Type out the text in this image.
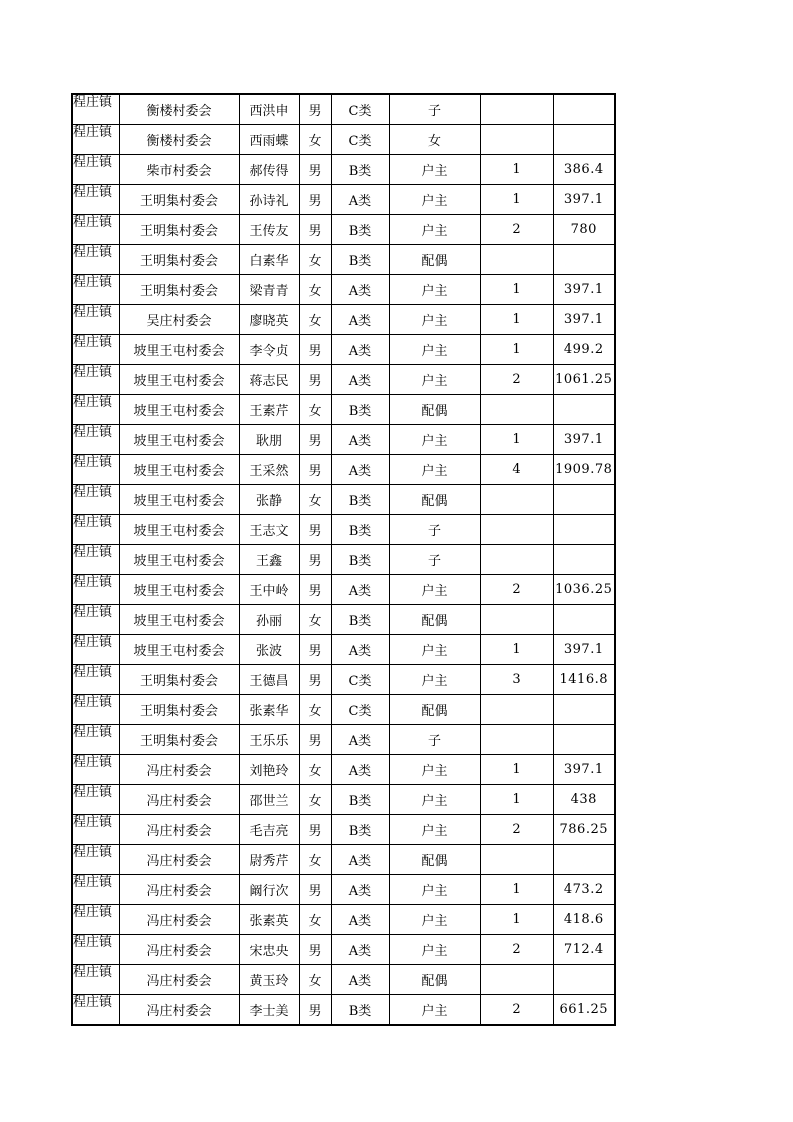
程庄镇	衡楼村委会	西洪申	男	C类	子		

程庄镇	衡楼村委会	西雨蝶	女	C类	女		

程庄镇	柴市村委会	郝传得	男	B类	户主	1	386.4

程庄镇	王明集村委会	孙诗礼	男	A类	户主	1	397.1

程庄镇	王明集村委会	王传友	男	B类	户主	2	780

程庄镇	王明集村委会	白素华	女	B类	配偶		

程庄镇	王明集村委会	梁青青	女	A类	户主	1	397.1

程庄镇	吴庄村委会	廖晓英	女	A类	户主	1	397.1

程庄镇	坡里王屯村委会	李令贞	男	A类	户主	1	499.2

程庄镇	坡里王屯村委会	蒋志民	男	A类	户主	2	1061.25

程庄镇	坡里王屯村委会	王素芹	女	B类	配偶		

程庄镇	坡里王屯村委会	耿朋	男	A类	户主	1	397.1

程庄镇	坡里王屯村委会	王采然	男	A类	户主	4	1909.78

程庄镇	坡里王屯村委会	张静	女	B类	配偶		

程庄镇	坡里王屯村委会	王志文	男	B类	子		

程庄镇	坡里王屯村委会	王鑫	男	B类	子		

程庄镇	坡里王屯村委会	王中岭	男	A类	户主	2	1036.25

程庄镇	坡里王屯村委会	孙丽	女	B类	配偶		

程庄镇	坡里王屯村委会	张波	男	A类	户主	1	397.1

程庄镇	王明集村委会	王德昌	男	C类	户主	3	1416.8

程庄镇	王明集村委会	张素华	女	C类	配偶		

程庄镇	王明集村委会	王乐乐	男	A类	子		

程庄镇	冯庄村委会	刘艳玲	女	A类	户主	1	397.1

程庄镇	冯庄村委会	邵世兰	女	B类	户主	1	438

程庄镇	冯庄村委会	毛吉亮	男	B类	户主	2	786.25

程庄镇	冯庄村委会	尉秀芹	女	A类	配偶		

程庄镇	冯庄村委会	阚行次	男	A类	户主	1	473.2

程庄镇	冯庄村委会	张素英	女	A类	户主	1	418.6

程庄镇	冯庄村委会	宋忠央	男	A类	户主	2	712.4

程庄镇	冯庄村委会	黄玉玲	女	A类	配偶		

程庄镇	冯庄村委会	李士美	男	B类	户主	2	661.25
